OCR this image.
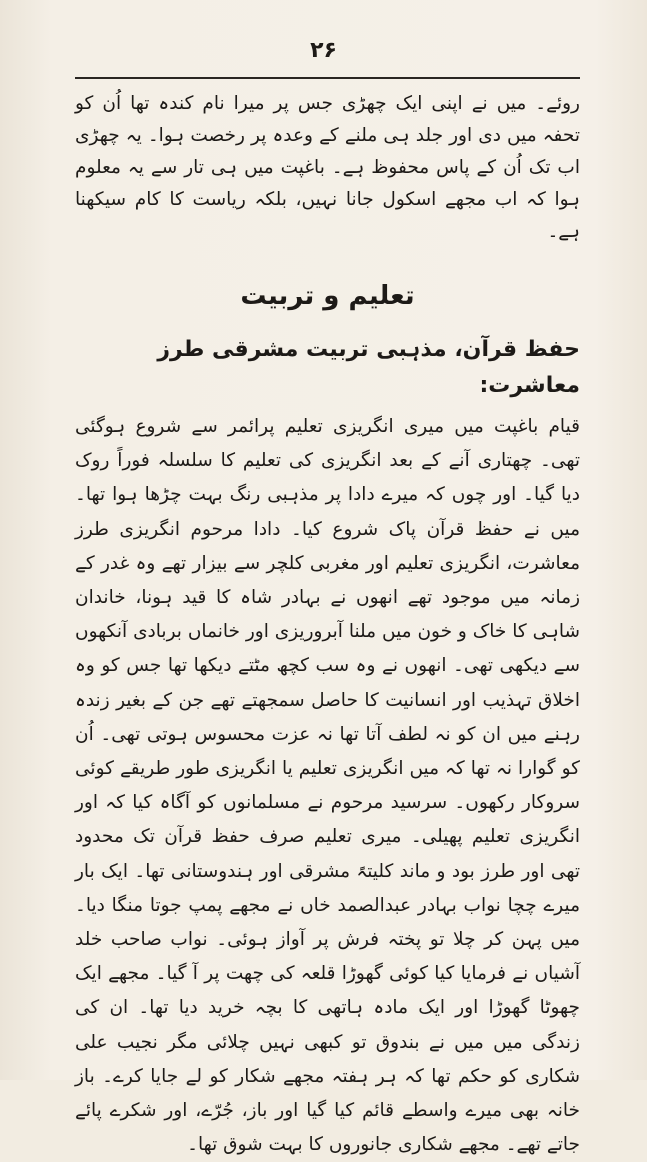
۲۶

روئے۔ میں نے اپنی ایک چھڑی جس پر میرا نام کندہ تھا اُن کو تحفہ میں دی اور جلد ہی ملنے کے وعدہ پر رخصت ہوا۔ یہ چھڑی اب تک اُن کے پاس محفوظ ہے۔ باغپت میں ہی تار سے یہ معلوم ہوا کہ اب مجھے اسکول جانا نہیں، بلکہ ریاست کا کام سیکھنا ہے۔

تعلیم و تربیت
حفظ قرآن، مذہبی تربیت مشرقی طرز معاشرت:

قیام باغپت میں میری انگریزی تعلیم پرائمر سے شروع ہوگئی تھی۔ چھتاری آنے کے بعد انگریزی کی تعلیم کا سلسلہ فوراً روک دیا گیا۔ اور چوں کہ میرے دادا پر مذہبی رنگ بہت چڑھا ہوا تھا۔ میں نے حفظ قرآن پاک شروع کیا۔ دادا مرحوم انگریزی طرز معاشرت، انگریزی تعلیم اور مغربی کلچر سے بیزار تھے وہ غدر کے زمانہ میں موجود تھے انھوں نے بہادر شاہ کا قید ہونا، خاندان شاہی کا خاک و خون میں ملنا آبروریزی اور خانماں بربادی آنکھوں سے دیکھی تھی۔ انھوں نے وہ سب کچھ مٹتے دیکھا تھا جس کو وہ اخلاق تہذیب اور انسانیت کا حاصل سمجھتے تھے جن کے بغیر زندہ رہنے میں ان کو نہ لطف آتا تھا نہ عزت محسوس ہوتی تھی۔ اُن کو گوارا نہ تھا کہ میں انگریزی تعلیم یا انگریزی طور طریقے کوئی سروکار رکھوں۔ سرسید مرحوم نے مسلمانوں کو آگاہ کیا کہ اور انگریزی تعلیم پھیلی۔ میری تعلیم صرف حفظ قرآن تک محدود تھی اور طرز بود و ماند کلیتہً مشرقی اور ہندوستانی تھا۔ ایک بار میرے چچا نواب بہادر عبدالصمد خاں نے مجھے پمپ جوتا منگا دیا۔ میں پہن کر چلا تو پختہ فرش پر آواز ہوئی۔ نواب صاحب خلد آشیاں نے فرمایا کیا کوئی گھوڑا قلعہ کی چھت پر آ گیا۔ مجھے ایک چھوٹا گھوڑا اور ایک مادہ ہاتھی کا بچہ خرید دیا تھا۔ ان کی زندگی میں میں نے بندوق تو کبھی نہیں چلائی مگر نجیب علی شکاری کو حکم تھا کہ ہر ہفتہ مجھے شکار کو لے جایا کرے۔ باز خانہ بھی میرے واسطے قائم کیا گیا اور باز، جُرّے، اور شکرے پائے جاتے تھے۔ مجھے شکاری جانوروں کا بہت شوق تھا۔
